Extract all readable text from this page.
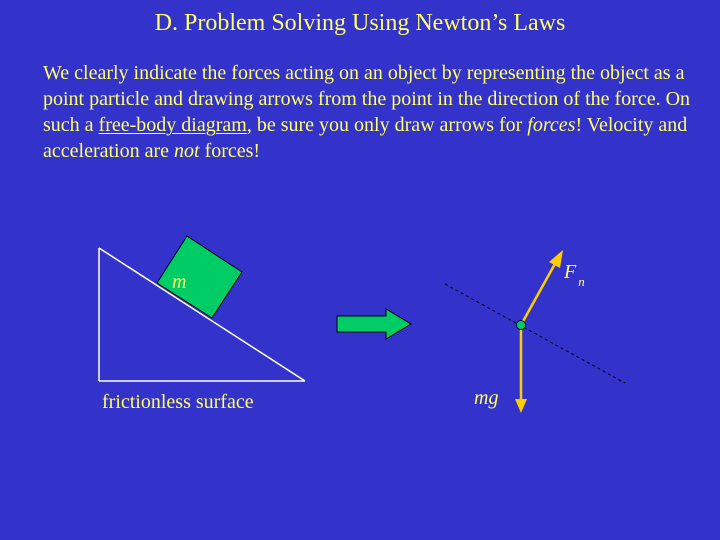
D. Problem Solving Using Newton’s Laws
We clearly indicate the forces acting on an object by representing the object as a point particle and drawing arrows from the point in the direction of the force. On such a free-body diagram, be sure you only draw arrows for forces! Velocity and acceleration are not forces!
m
frictionless surface
F $_n$
mg
